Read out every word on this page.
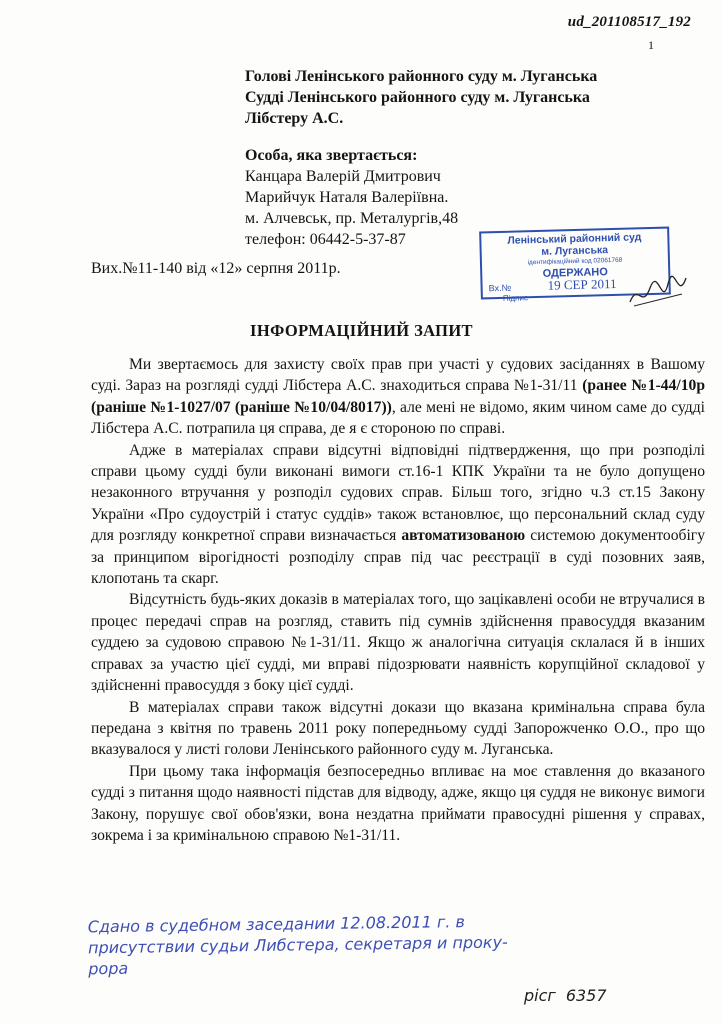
ud_201108517_192
1
Голові Ленінського районного суду м. Луганська
Судді Ленінського районного суду м. Луганська
Лібстеру А.С.
Особа, яка звертається:
Канцара Валерій Дмитрович
Марийчук Наталя Валеріївна.
м. Алчевськ, пр. Металургів,48
телефон: 06442-5-37-87
Вих.№11-140 від «12» серпня 2011р.
Ленінський районний суд
м. Луганська
ідентифікаційний код 02061768
ОДЕРЖАНО
Вх.№	19 СЕР 2011
Підпис
ІНФОРМАЦІЙНИЙ ЗАПИТ

Ми звертаємось для захисту своїх прав при участі у судових засіданнях в Вашому суді. Зараз на розгляді судді Лібстера А.С. знаходиться справа №1-31/11 (ранее №1-44/10р (раніше №1-1027/07 (раніше №10/04/8017)), але мені не відомо, яким чином саме до судді Лібстера А.С. потрапила ця справа, де я є стороною по справі.

Адже в матеріалах справи відсутні відповідні підтвердження, що при розподілі справи цьому судді були виконані вимоги ст.16-1 КПК України та не було допущено незаконного втручання у розподіл судових справ. Більш того, згідно ч.3 ст.15 Закону України «Про судоустрій і статус суддів» також встановлює, що персональний склад суду для розгляду конкретної справи визначається автоматизованою системою документообігу за принципом вірогідності розподілу справ під час реєстрації в суді позовних заяв, клопотань та скарг.

Відсутність будь-яких доказів в матеріалах того, що зацікавлені особи не втручалися в процес передачі справ на розгляд, ставить під сумнів здійснення правосуддя вказаним суддею за судовою справою №1-31/11. Якщо ж аналогічна ситуація склалася й в інших справах за участю цієї судді, ми вправі підозрювати наявність корупційної складової у здійсненні правосуддя з боку цієї судді.

В матеріалах справи також відсутні докази що вказана кримінальна справа була передана з квітня по травень 2011 року попередньому судді Запорожченко О.О., про що вказувалося у листі голови Ленінського районного суду м. Луганська.

При цьому така інформація безпосередньо впливає на моє ставлення до вказаного судді з питання щодо наявності підстав для відводу, адже, якщо ця суддя не виконує вимоги Закону, порушує свої обов'язки, вона нездатна приймати правосудні рішення у справах, зокрема і за кримінальною справою №1-31/11.

Сдано в судебном заседании 12.08.2011 г. в
присутствии судьи Либстера, секретаря и проку-
рора
рісг 6357
